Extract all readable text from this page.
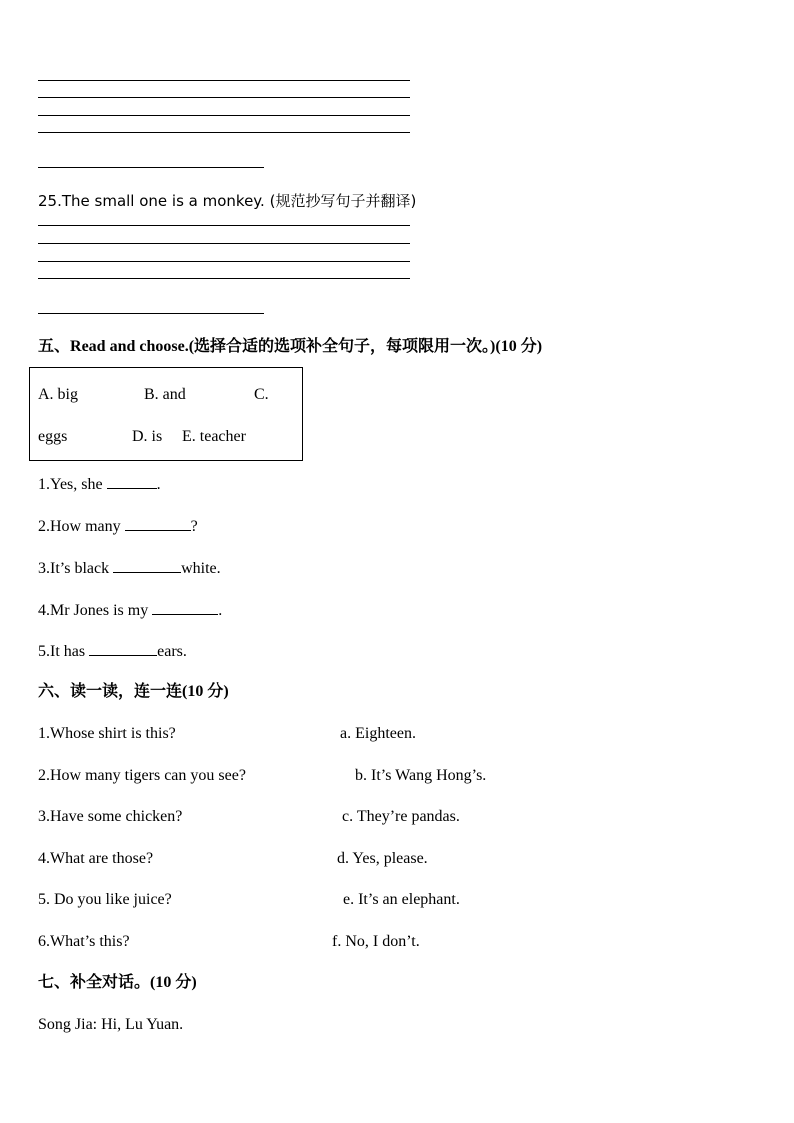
25.The small one is a monkey. (规范抄写句子并翻译)
五、Read and choose.(选择合适的选项补全句子，每项限用一次。)(10 分)
A. big	B. and	C.
eggs	D. is E. teacher
1.Yes, she	.
2.How many	?
3.It’s black	white.
4.Mr Jones is my	.
5.It has	ears.
六、读一读，连一连(10 分)
1.Whose shirt is this?	a. Eighteen.
2.How many tigers can you see?	b. It’s Wang Hong’s.
3.Have some chicken?	c. They’re pandas.
4.What are those?	d. Yes, please.
5. Do you like juice?	e. It’s an elephant.
6.What’s this?	f. No, I don’t.
七、补全对话。(10 分)
Song Jia: Hi, Lu Yuan.
